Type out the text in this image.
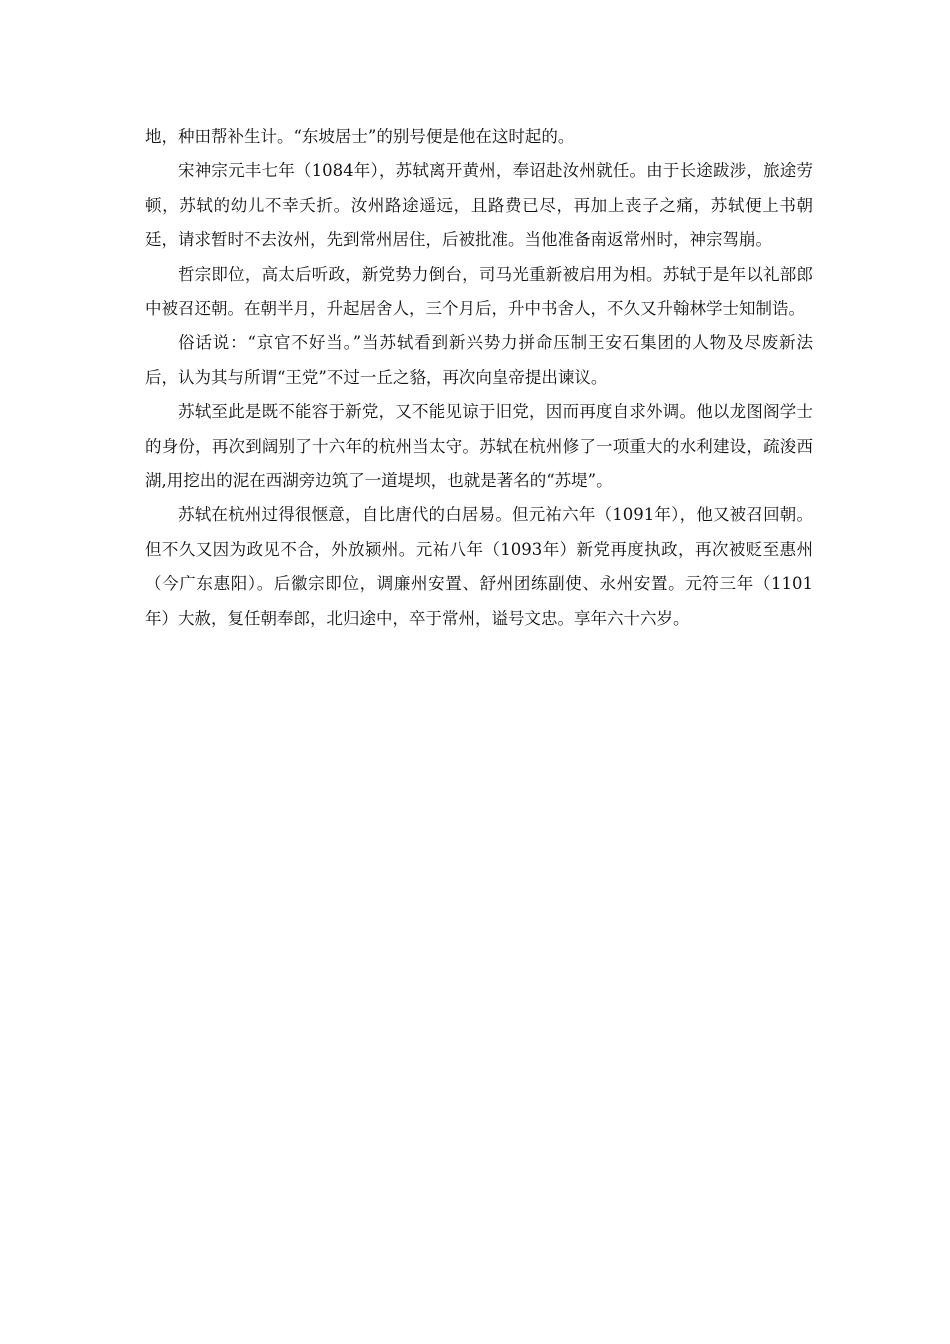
地，种田帮补生计。“东坡居士”的别号便是他在这时起的。

宋神宗元丰七年（1084年），苏轼离开黄州，奉诏赴汝州就任。由于长途跋涉，旅途劳顿，苏轼的幼儿不幸夭折。汝州路途遥远，且路费已尽，再加上丧子之痛，苏轼便上书朝廷，请求暂时不去汝州，先到常州居住，后被批准。当他准备南返常州时，神宗驾崩。

哲宗即位，高太后听政，新党势力倒台，司马光重新被启用为相。苏轼于是年以礼部郎中被召还朝。在朝半月，升起居舍人，三个月后，升中书舍人，不久又升翰林学士知制诰。

俗话说：“京官不好当。”当苏轼看到新兴势力拼命压制王安石集团的人物及尽废新法后，认为其与所谓“王党”不过一丘之貉，再次向皇帝提出谏议。

苏轼至此是既不能容于新党，又不能见谅于旧党，因而再度自求外调。他以龙图阁学士的身份，再次到阔别了十六年的杭州当太守。苏轼在杭州修了一项重大的水利建设，疏浚西湖,用挖出的泥在西湖旁边筑了一道堤坝，也就是著名的“苏堤”。

苏轼在杭州过得很惬意，自比唐代的白居易。但元祐六年（1091年），他又被召回朝。但不久又因为政见不合，外放颍州。元祐八年（1093年）新党再度执政，再次被贬至惠州（今广东惠阳）。后徽宗即位，调廉州安置、舒州团练副使、永州安置。元符三年（1101年）大赦，复任朝奉郎，北归途中，卒于常州，谥号文忠。享年六十六岁。
